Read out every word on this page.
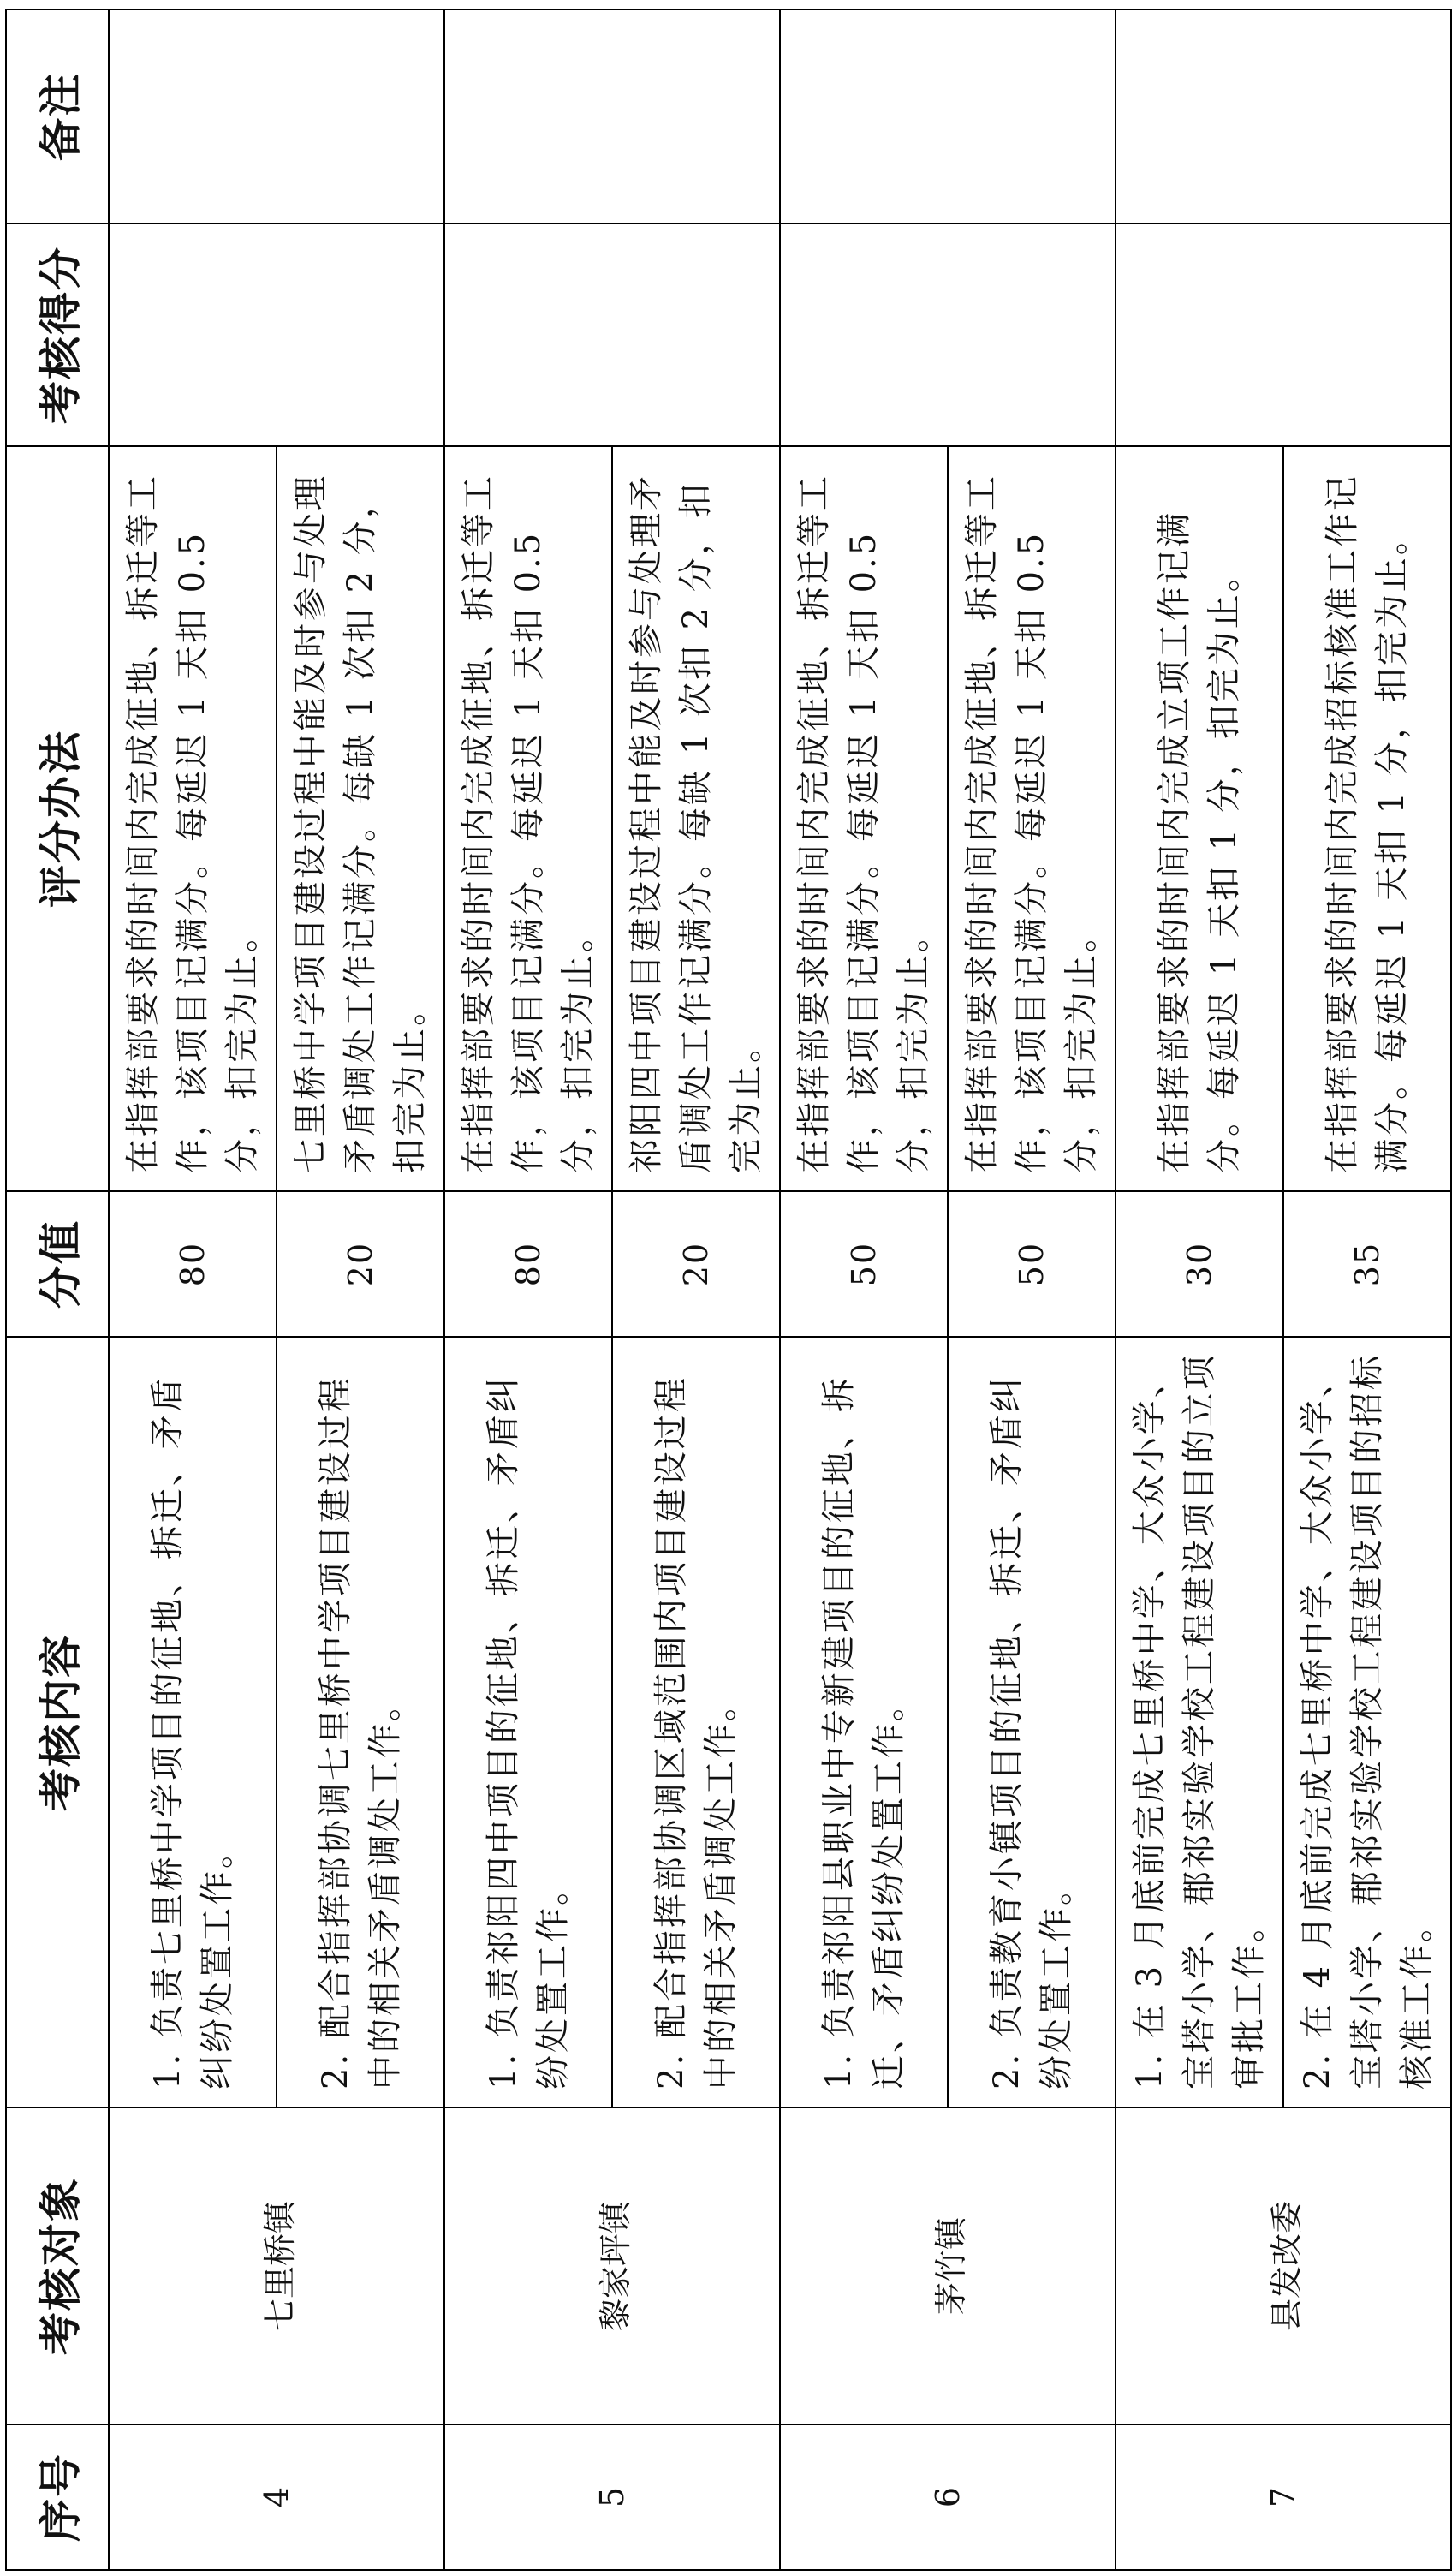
序号	考核对象	考核内容	分值	评分办法	考核得分	备注
4	七里桥镇	1. 负责七里桥中学项目的征地、拆迁、矛盾纠纷处置工作。	80	在指挥部要求的时间内完成征地、拆迁等工作，该项目记满分。每延迟 1 天扣 0.5 分，扣完为止。		
		2. 配合指挥部协调七里桥中学项目建设过程中的相关矛盾调处工作。	20	七里桥中学项目建设过程中能及时参与处理矛盾调处工作记满分。每缺 1 次扣 2 分，扣完为止。		
5	黎家坪镇	1. 负责祁阳四中项目的征地、拆迁、矛盾纠纷处置工作。	80	在指挥部要求的时间内完成征地、拆迁等工作，该项目记满分。每延迟 1 天扣 0.5 分，扣完为止。		
		2. 配合指挥部协调区域范围内项目建设过程中的相关矛盾调处工作。	20	祁阳四中项目建设过程中能及时参与处理矛盾调处工作记满分。每缺 1 次扣 2 分，扣完为止。		
6	茅竹镇	1. 负责祁阳县职业中专新建项目的征地、拆迁、矛盾纠纷处置工作。	50	在指挥部要求的时间内完成征地、拆迁等工作，该项目记满分。每延迟 1 天扣 0.5 分，扣完为止。		
		2. 负责教育小镇项目的征地、拆迁、矛盾纠纷处置工作。	50	在指挥部要求的时间内完成征地、拆迁等工作，该项目记满分。每延迟 1 天扣 0.5 分，扣完为止。		
7	县发改委	1. 在 3 月底前完成七里桥中学、大众小学、宝塔小学、郡祁实验学校工程建设项目的立项审批工作。	30	在指挥部要求的时间内完成立项工作记满分。每延迟 1 天扣 1 分，扣完为止。		
		2. 在 4 月底前完成七里桥中学、大众小学、宝塔小学、郡祁实验学校工程建设项目的招标核准工作。	35	在指挥部要求的时间内完成招标核准工作记满分。每延迟 1 天扣 1 分，扣完为止。		
